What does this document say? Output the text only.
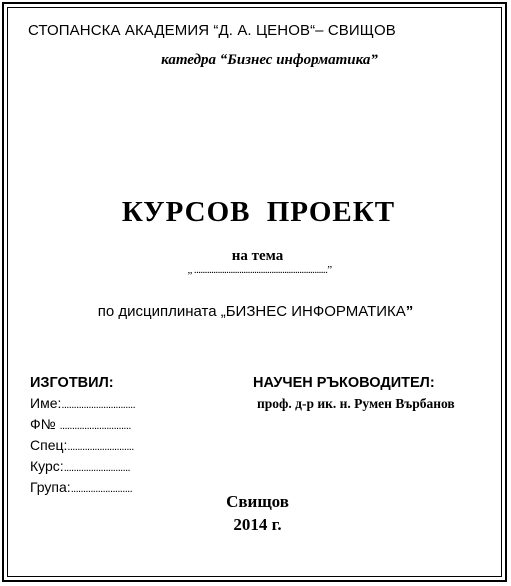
СТОПАНСКА АКАДЕМИЯ “Д. А. ЦЕНОВ“– СВИЩОВ
катедра “Бизнес информатика”
КУРСОВ ПРОЕКТ
на тема
„ ..............................................................”
по дисциплината „БИЗНЕС ИНФОРМАТИКА”
ИЗГОТВИЛ:
Име:..............................
Ф№ .............................
Спец:...........................
Курс:...........................
Група:.........................
НАУЧЕН РЪКОВОДИТЕЛ:
проф. д-р ик. н. Румен Върбанов
Свищов
2014 г.
